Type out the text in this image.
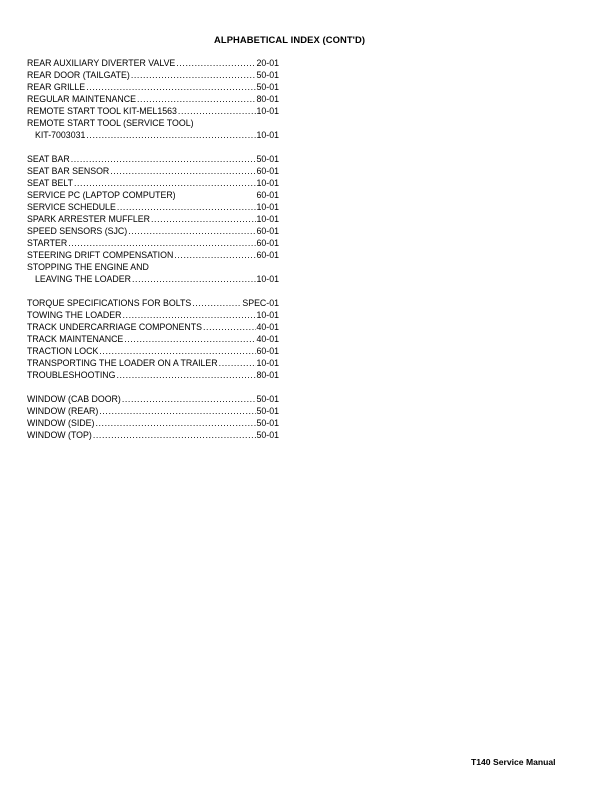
ALPHABETICAL INDEX (CONT'D)
REAR AUXILIARY DIVERTER VALVE .....	20-01
REAR DOOR (TAILGATE) .....	50-01
REAR GRILLE .....	50-01
REGULAR MAINTENANCE .....	80-01
REMOTE START TOOL KIT-MEL1563 .....	10-01
REMOTE START TOOL (SERVICE TOOL)
KIT-7003031 .....	10-01
SEAT BAR .....	50-01
SEAT BAR SENSOR .....	60-01
SEAT BELT .....	10-01
SERVICE PC (LAPTOP COMPUTER)	60-01
SERVICE SCHEDULE .....	10-01
SPARK ARRESTER MUFFLER .....	10-01
SPEED SENSORS (SJC) .....	60-01
STARTER .....	60-01
STEERING DRIFT COMPENSATION .....	60-01
STOPPING THE ENGINE AND
LEAVING THE LOADER .....	10-01
TORQUE SPECIFICATIONS FOR BOLTS .....	SPEC-01
TOWING THE LOADER .....	10-01
TRACK UNDERCARRIAGE COMPONENTS .....	40-01
TRACK MAINTENANCE .....	40-01
TRACTION LOCK .....	60-01
TRANSPORTING THE LOADER ON A TRAILER .....	10-01
TROUBLESHOOTING .....	80-01
WINDOW (CAB DOOR) .....	50-01
WINDOW (REAR) .....	50-01
WINDOW (SIDE) .....	50-01
WINDOW (TOP) .....	50-01
T140 Service Manual
